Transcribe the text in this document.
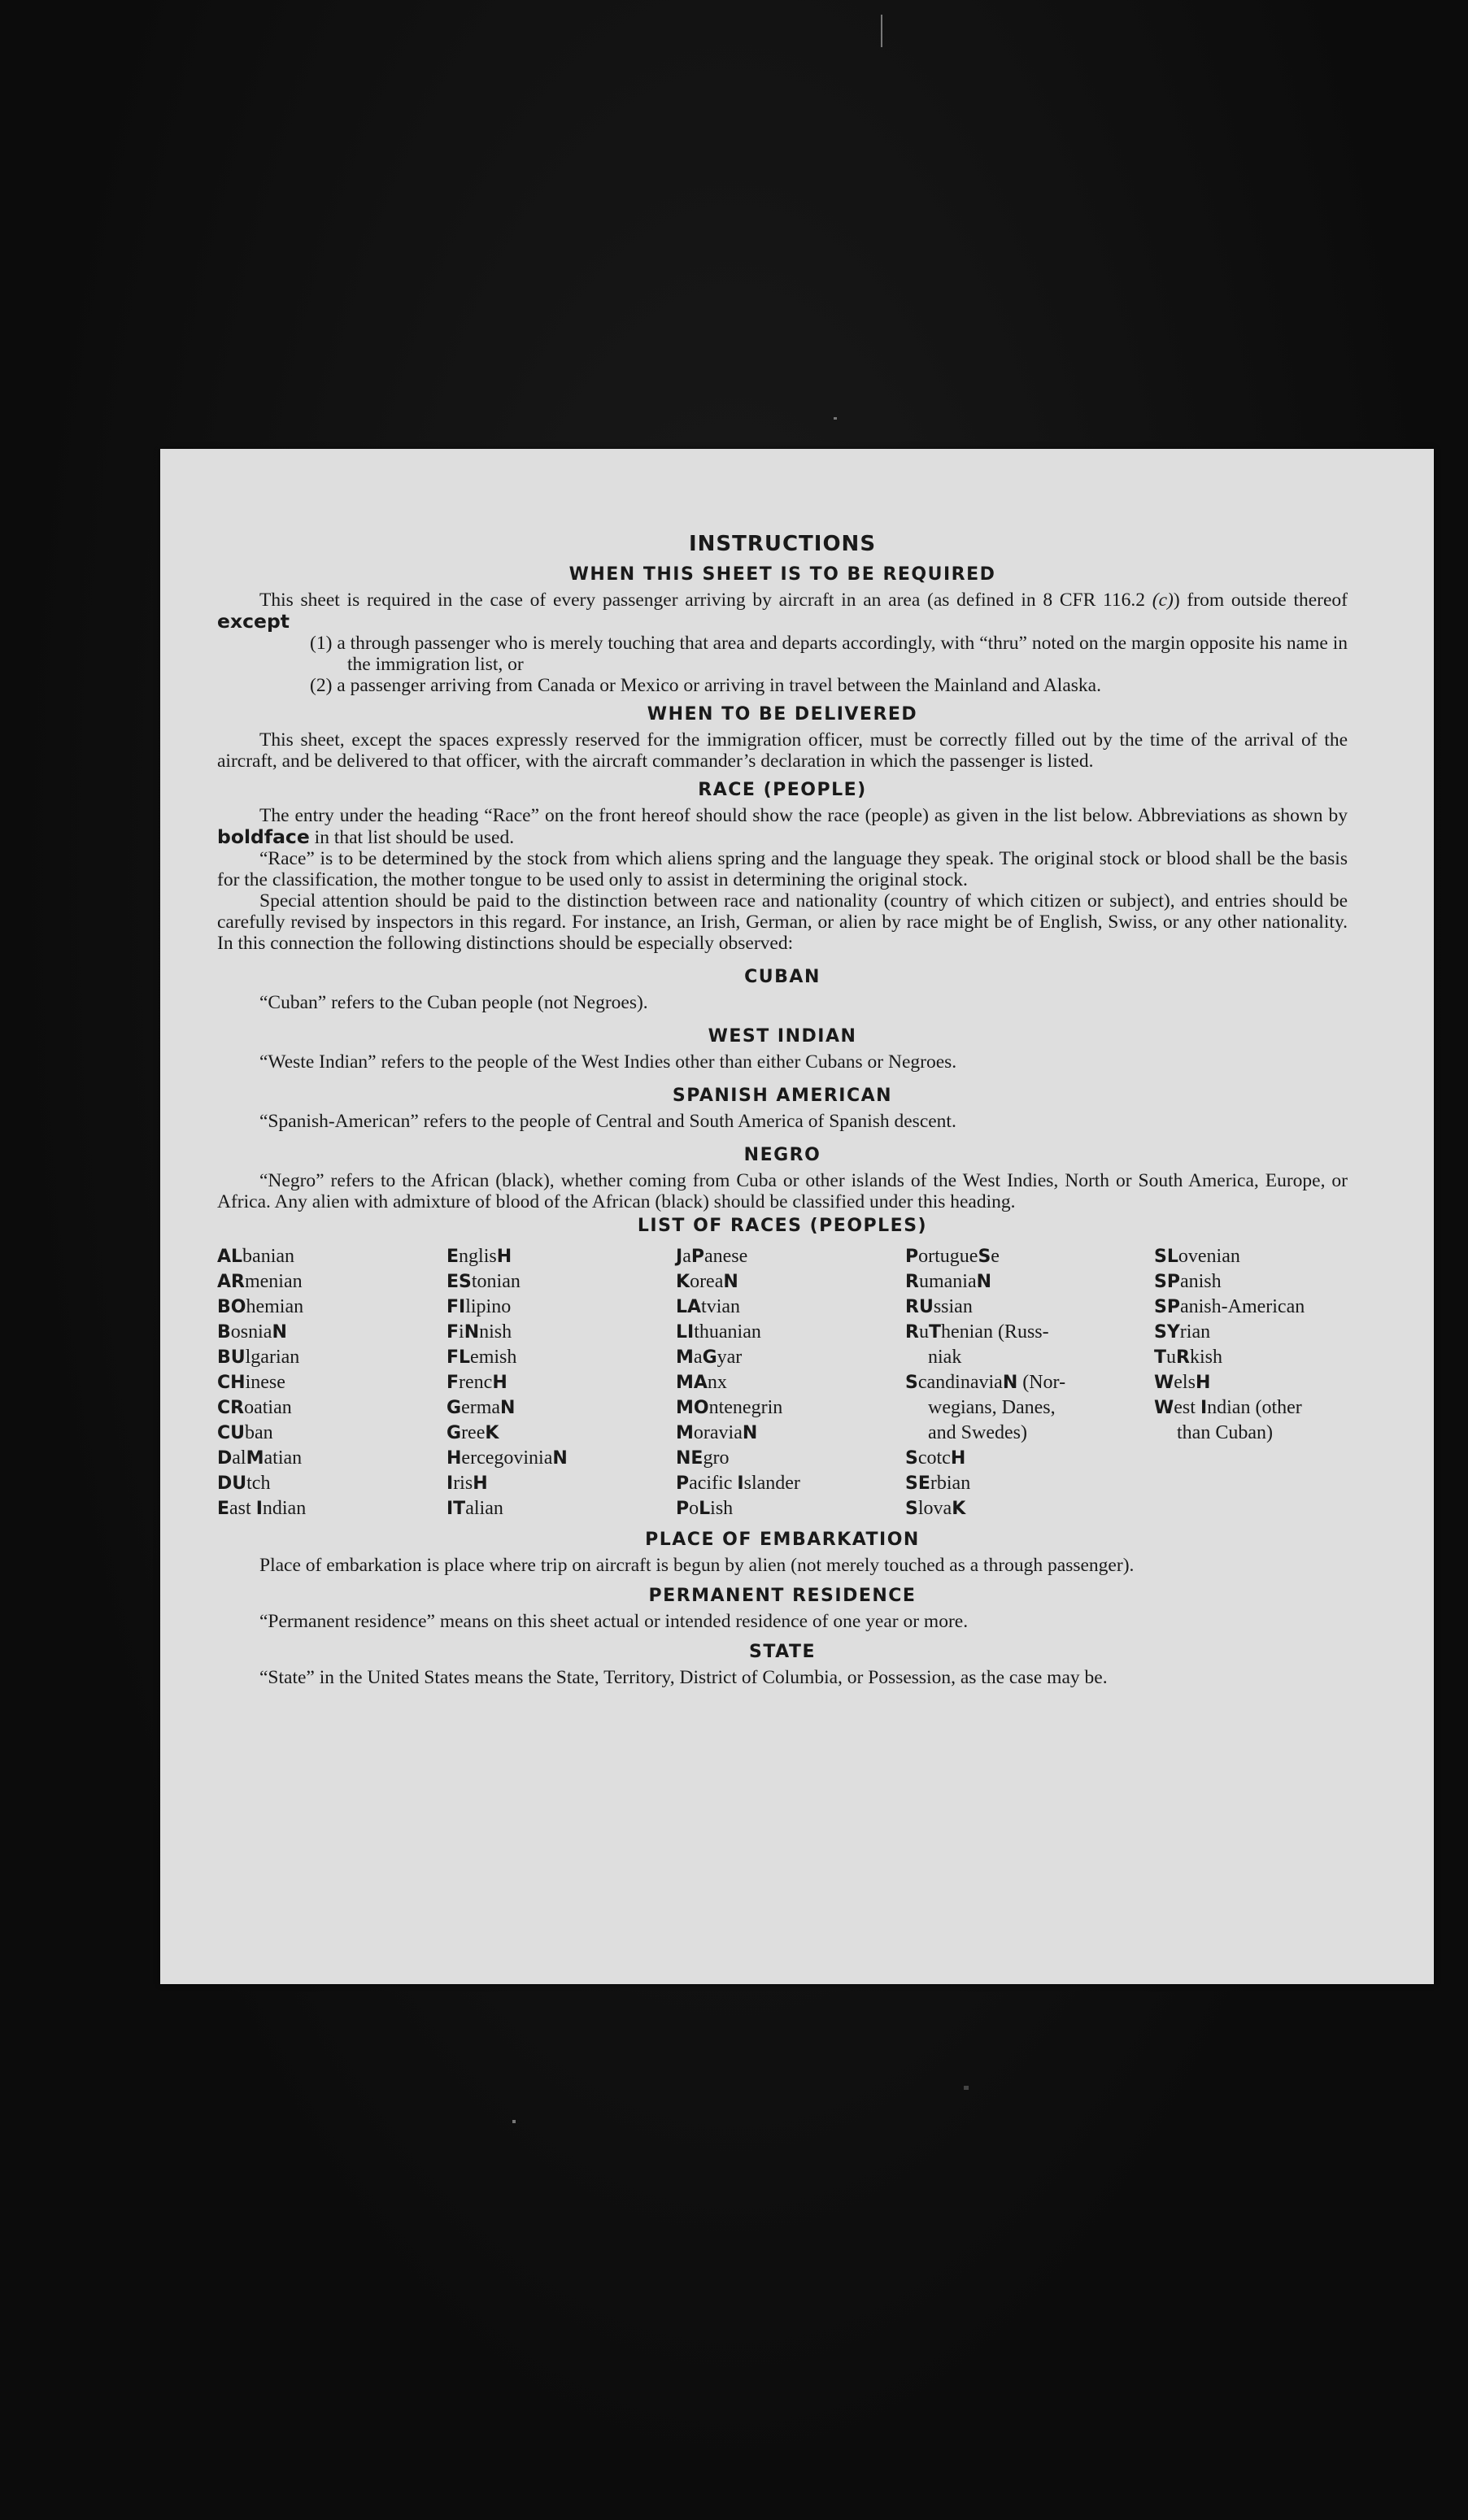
INSTRUCTIONS
WHEN THIS SHEET IS TO BE REQUIRED

This sheet is required in the case of every passenger arriving by aircraft in an area (as defined in 8 CFR 116.2 (c)) from outside thereof except

(1) a through passenger who is merely touching that area and departs accordingly, with “thru” noted on the margin opposite his name in the immigration list, or

(2) a passenger arriving from Canada or Mexico or arriving in travel between the Mainland and Alaska.

WHEN TO BE DELIVERED

This sheet, except the spaces expressly reserved for the immigration officer, must be correctly filled out by the time of the arrival of the aircraft, and be delivered to that officer, with the aircraft commander’s declaration in which the passenger is listed.

RACE (PEOPLE)

The entry under the heading “Race” on the front hereof should show the race (people) as given in the list below. Abbreviations as shown by boldface in that list should be used.

“Race” is to be determined by the stock from which aliens spring and the language they speak. The original stock or blood shall be the basis for the classification, the mother tongue to be used only to assist in determining the original stock.

Special attention should be paid to the distinction between race and nationality (country of which citizen or subject), and entries should be carefully revised by inspectors in this regard. For instance, an Irish, German, or alien by race might be of English, Swiss, or any other nationality. In this connection the following distinctions should be especially observed:

CUBAN

“Cuban” refers to the Cuban people (not Negroes).

WEST INDIAN

“Weste Indian” refers to the people of the West Indies other than either Cubans or Negroes.

SPANISH AMERICAN

“Spanish-American” refers to the people of Central and South America of Spanish descent.

NEGRO

“Negro” refers to the African (black), whether coming from Cuba or other islands of the West Indies, North or South America, Europe, or Africa. Any alien with admixture of blood of the African (black) should be classified under this heading.

LIST OF RACES (PEOPLES)
ALbanian
ARmenian
BOhemian
BosniaN
BUlgarian
CHinese
CRoatian
CUban
DalMatian
DUtch
East Indian
EnglisH
EStonian
FIlipino
FiNnish
FLemish
FrencH
GermaN
GreeK
HercegoviniaN
IrisH
ITalian
JaPanese
KoreaN
LAtvian
LIthuanian
MaGyar
MAnx
MOntenegrin
MoraviaN
NEgro
Pacific Islander
PoLish
PortugueSe
RumaniaN
RUssian
RuThenian (Russ-
niak
ScandinaviaN (Nor-
wegians, Danes,
and Swedes)
ScotcH
SErbian
SlovaK
SLovenian
SPanish
SPanish-American
SYrian
TuRkish
WelsH
West Indian (other
than Cuban)
PLACE OF EMBARKATION

Place of embarkation is place where trip on aircraft is begun by alien (not merely touched as a through passenger).

PERMANENT RESIDENCE

“Permanent residence” means on this sheet actual or intended residence of one year or more.

STATE

“State” in the United States means the State, Territory, District of Columbia, or Possession, as the case may be.
